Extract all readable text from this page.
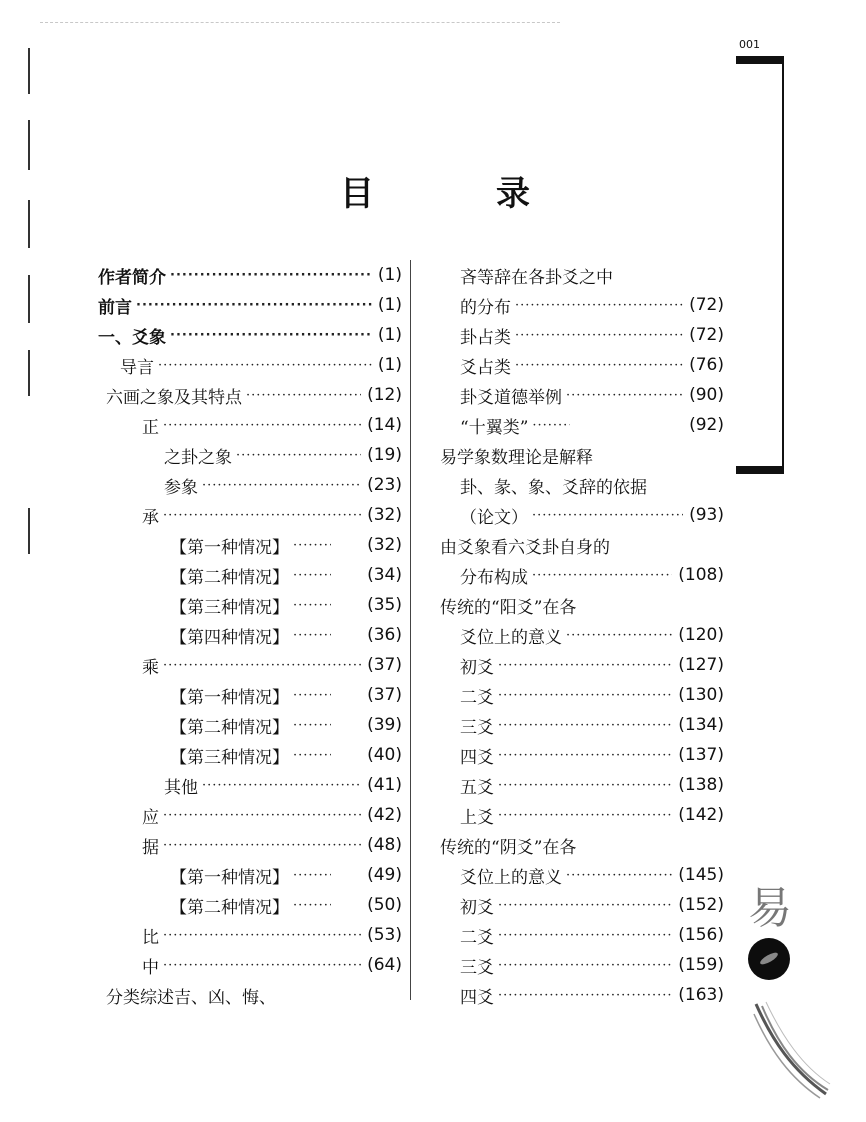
001
目	录
作者简介 ·····	(1)
前言 ·····	(1)
一、爻象 ·····	(1)
导言 ·····	(1)
六画之象及其特点 ·····	(12)
正 ·····	(14)
之卦之象 ·····	(19)
参象 ·····	(23)
承 ·····	(32)
【第一种情况】 ·····	(32)
【第二种情况】 ·····	(34)
【第三种情况】 ·····	(35)
【第四种情况】 ·····	(36)
乘 ·····	(37)
【第一种情况】 ·····	(37)
【第二种情况】 ·····	(39)
【第三种情况】 ·····	(40)
其他 ·····	(41)
应 ·····	(42)
据 ·····	(48)
【第一种情况】 ·····	(49)
【第二种情况】 ·····	(50)
比 ·····	(53)
中 ·····	(64)
分类综述吉、凶、悔、
吝等辞在各卦爻之中
的分布 ·····	(72)
卦占类 ·····	(72)
爻占类 ·····	(76)
卦爻道德举例 ·····	(90)
“十翼类” ·····	(92)
易学象数理论是解释
卦、彖、象、爻辞的依据
（论文） ·····	(93)
由爻象看六爻卦自身的
分布构成 ·····	(108)
传统的“阳爻”在各
爻位上的意义 ·····	(120)
初爻 ·····	(127)
二爻 ·····	(130)
三爻 ·····	(134)
四爻 ·····	(137)
五爻 ·····	(138)
上爻 ·····	(142)
传统的“阴爻”在各
爻位上的意义 ·····	(145)
初爻 ·····	(152)
二爻 ·····	(156)
三爻 ·····	(159)
四爻 ·····	(163)
易
